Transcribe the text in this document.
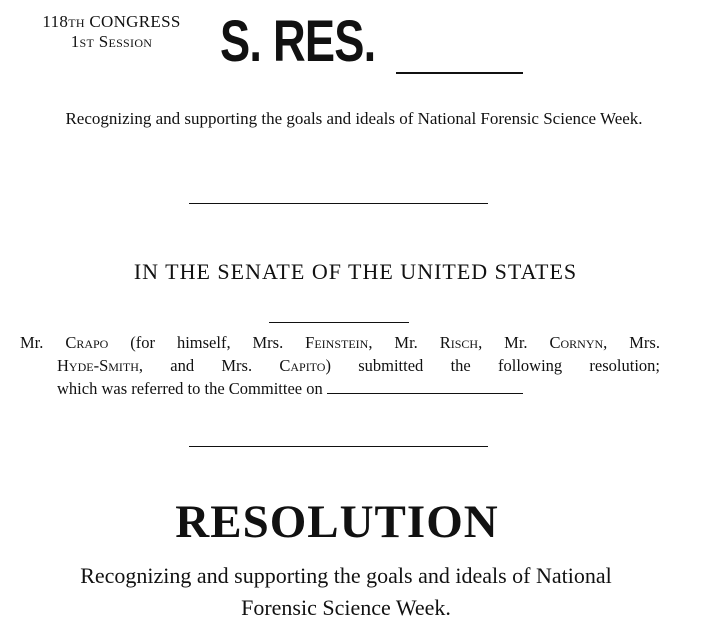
118th CONGRESS
1st Session	S. RES.
Recognizing and supporting the goals and ideals of National Forensic Science Week.
IN THE SENATE OF THE UNITED STATES
Mr. Crapo (for himself, Mrs. Feinstein, Mr. Risch, Mr. Cornyn, Mrs.
Hyde-Smith, and Mrs. Capito) submitted the following resolution;
which was referred to the Committee on
RESOLUTION
Recognizing and supporting the goals and ideals of National
Forensic Science Week.
